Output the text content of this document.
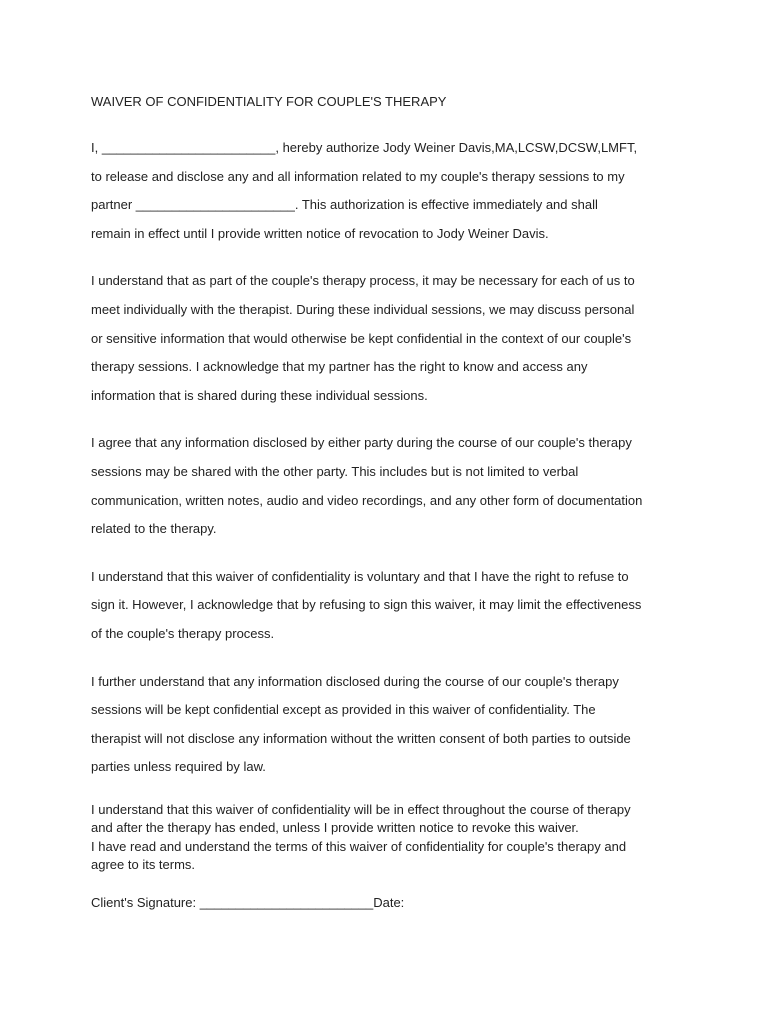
WAIVER OF CONFIDENTIALITY FOR COUPLE'S THERAPY

I, ________________________, hereby authorize Jody Weiner Davis,MA,LCSW,DCSW,LMFT,
to release and disclose any and all information related to my couple's therapy sessions to my
partner ______________________. This authorization is effective immediately and shall
remain in effect until I provide written notice of revocation to Jody Weiner Davis.

I understand that as part of the couple's therapy process, it may be necessary for each of us to
meet individually with the therapist. During these individual sessions, we may discuss personal
or sensitive information that would otherwise be kept confidential in the context of our couple's
therapy sessions. I acknowledge that my partner has the right to know and access any
information that is shared during these individual sessions.

I agree that any information disclosed by either party during the course of our couple's therapy
sessions may be shared with the other party. This includes but is not limited to verbal
communication, written notes, audio and video recordings, and any other form of documentation
related to the therapy.

I understand that this waiver of confidentiality is voluntary and that I have the right to refuse to
sign it. However, I acknowledge that by refusing to sign this waiver, it may limit the effectiveness
of the couple's therapy process.

I further understand that any information disclosed during the course of our couple's therapy
sessions will be kept confidential except as provided in this waiver of confidentiality. The
therapist will not disclose any information without the written consent of both parties to outside
parties unless required by law.

I understand that this waiver of confidentiality will be in effect throughout the course of therapy
and after the therapy has ended, unless I provide written notice to revoke this waiver.

I have read and understand the terms of this waiver of confidentiality for couple's therapy and
agree to its terms.

Client's Signature: ________________________Date:
